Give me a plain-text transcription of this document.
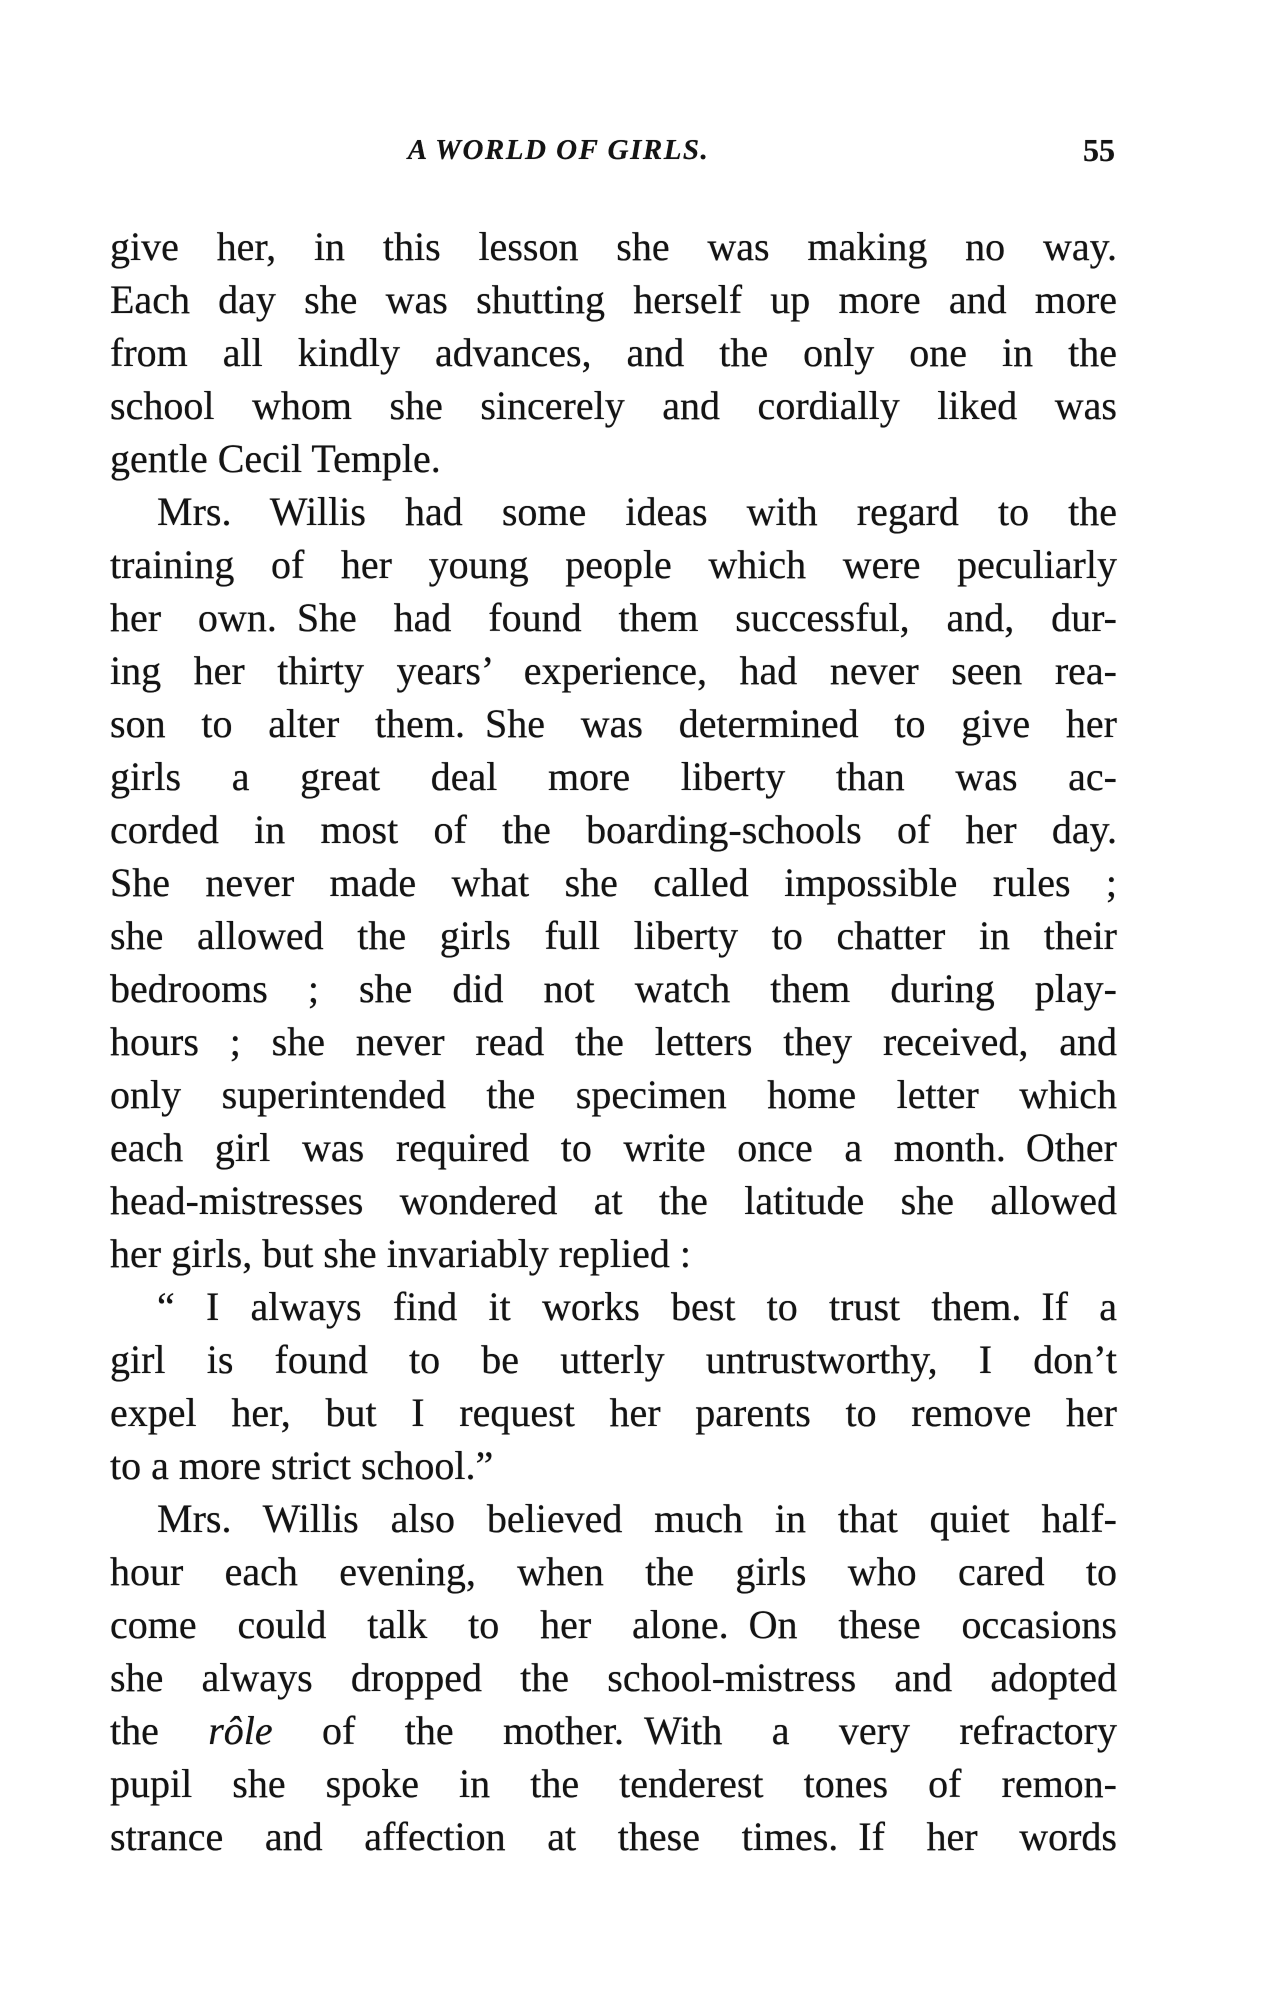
A WORLD OF GIRLS.	55
give her, in this lesson she was making no way.
Each day she was shutting herself up more and more
from all kindly advances, and the only one in the
school whom she sincerely and cordially liked was
gentle Cecil Temple.
Mrs. Willis had some ideas with regard to the
training of her young people which were peculiarly
her own. She had found them successful, and, dur-
ing her thirty years’ experience, had never seen rea-
son to alter them. She was determined to give her
girls a great deal more liberty than was ac-
corded in most of the boarding-schools of her day.
She never made what she called impossible rules ;
she allowed the girls full liberty to chatter in their
bedrooms ; she did not watch them during play-
hours ; she never read the letters they received, and
only superintended the specimen home letter which
each girl was required to write once a month. Other
head-mistresses wondered at the latitude she allowed
her girls, but she invariably replied :
“ I always find it works best to trust them. If a
girl is found to be utterly untrustworthy, I don’t
expel her, but I request her parents to remove her
to a more strict school.”
Mrs. Willis also believed much in that quiet half-
hour each evening, when the girls who cared to
come could talk to her alone. On these occasions
she always dropped the school-mistress and adopted
the rôle of the mother. With a very refractory
pupil she spoke in the tenderest tones of remon-
strance and affection at these times. If her words
